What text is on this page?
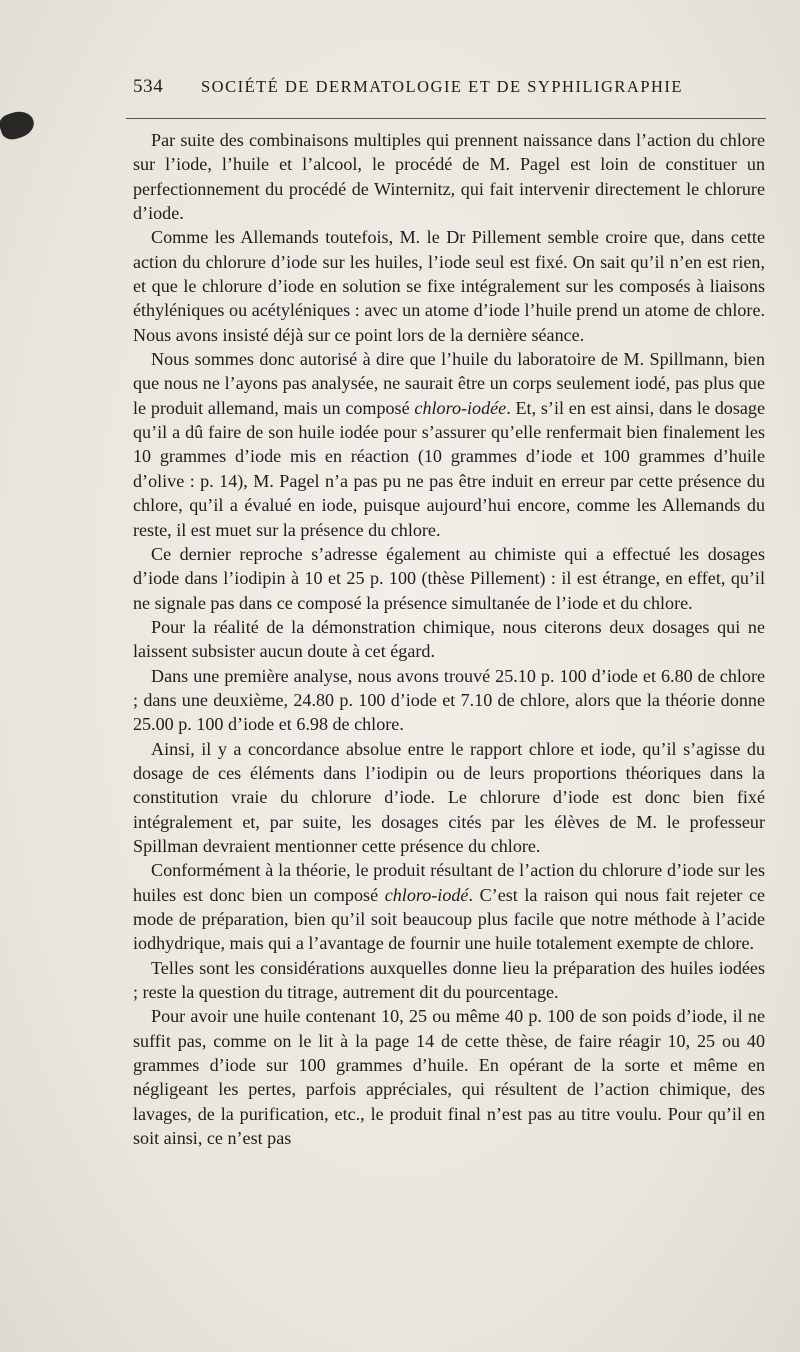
534 SOCIÉTÉ DE DERMATOLOGIE ET DE SYPHILIGRAPHIE

Par suite des combinaisons multiples qui prennent naissance dans l’action du chlore sur l’iode, l’huile et l’alcool, le procédé de M. Pagel est loin de constituer un perfectionnement du procédé de Winternitz, qui fait intervenir directement le chlorure d’iode.

Comme les Allemands toutefois, M. le Dr Pillement semble croire que, dans cette action du chlorure d’iode sur les huiles, l’iode seul est fixé. On sait qu’il n’en est rien, et que le chlorure d’iode en solution se fixe intégralement sur les composés à liaisons éthyléniques ou acétyléniques : avec un atome d’iode l’huile prend un atome de chlore. Nous avons insisté déjà sur ce point lors de la dernière séance.

Nous sommes donc autorisé à dire que l’huile du laboratoire de M. Spillmann, bien que nous ne l’ayons pas analysée, ne saurait être un corps seulement iodé, pas plus que le produit allemand, mais un composé chloro-iodée. Et, s’il en est ainsi, dans le dosage qu’il a dû faire de son huile iodée pour s’assurer qu’elle renfermait bien finalement les 10 grammes d’iode mis en réaction (10 grammes d’iode et 100 grammes d’huile d’olive : p. 14), M. Pagel n’a pas pu ne pas être induit en erreur par cette présence du chlore, qu’il a évalué en iode, puisque aujourd’hui encore, comme les Allemands du reste, il est muet sur la présence du chlore.

Ce dernier reproche s’adresse également au chimiste qui a effectué les dosages d’iode dans l’iodipin à 10 et 25 p. 100 (thèse Pillement) : il est étrange, en effet, qu’il ne signale pas dans ce composé la présence simultanée de l’iode et du chlore.

Pour la réalité de la démonstration chimique, nous citerons deux dosages qui ne laissent subsister aucun doute à cet égard.

Dans une première analyse, nous avons trouvé 25.10 p. 100 d’iode et 6.80 de chlore ; dans une deuxième, 24.80 p. 100 d’iode et 7.10 de chlore, alors que la théorie donne 25.00 p. 100 d’iode et 6.98 de chlore.

Ainsi, il y a concordance absolue entre le rapport chlore et iode, qu’il s’agisse du dosage de ces éléments dans l’iodipin ou de leurs proportions théoriques dans la constitution vraie du chlorure d’iode. Le chlorure d’iode est donc bien fixé intégralement et, par suite, les dosages cités par les élèves de M. le professeur Spillman devraient mentionner cette présence du chlore.

Conformément à la théorie, le produit résultant de l’action du chlorure d’iode sur les huiles est donc bien un composé chloro-iodé. C’est la raison qui nous fait rejeter ce mode de préparation, bien qu’il soit beaucoup plus facile que notre méthode à l’acide iodhydrique, mais qui a l’avantage de fournir une huile totalement exempte de chlore.

Telles sont les considérations auxquelles donne lieu la préparation des huiles iodées ; reste la question du titrage, autrement dit du pourcentage.

Pour avoir une huile contenant 10, 25 ou même 40 p. 100 de son poids d’iode, il ne suffit pas, comme on le lit à la page 14 de cette thèse, de faire réagir 10, 25 ou 40 grammes d’iode sur 100 grammes d’huile. En opérant de la sorte et même en négligeant les pertes, parfois appréciales, qui résultent de l’action chimique, des lavages, de la purification, etc., le produit final n’est pas au titre voulu. Pour qu’il en soit ainsi, ce n’est pas
